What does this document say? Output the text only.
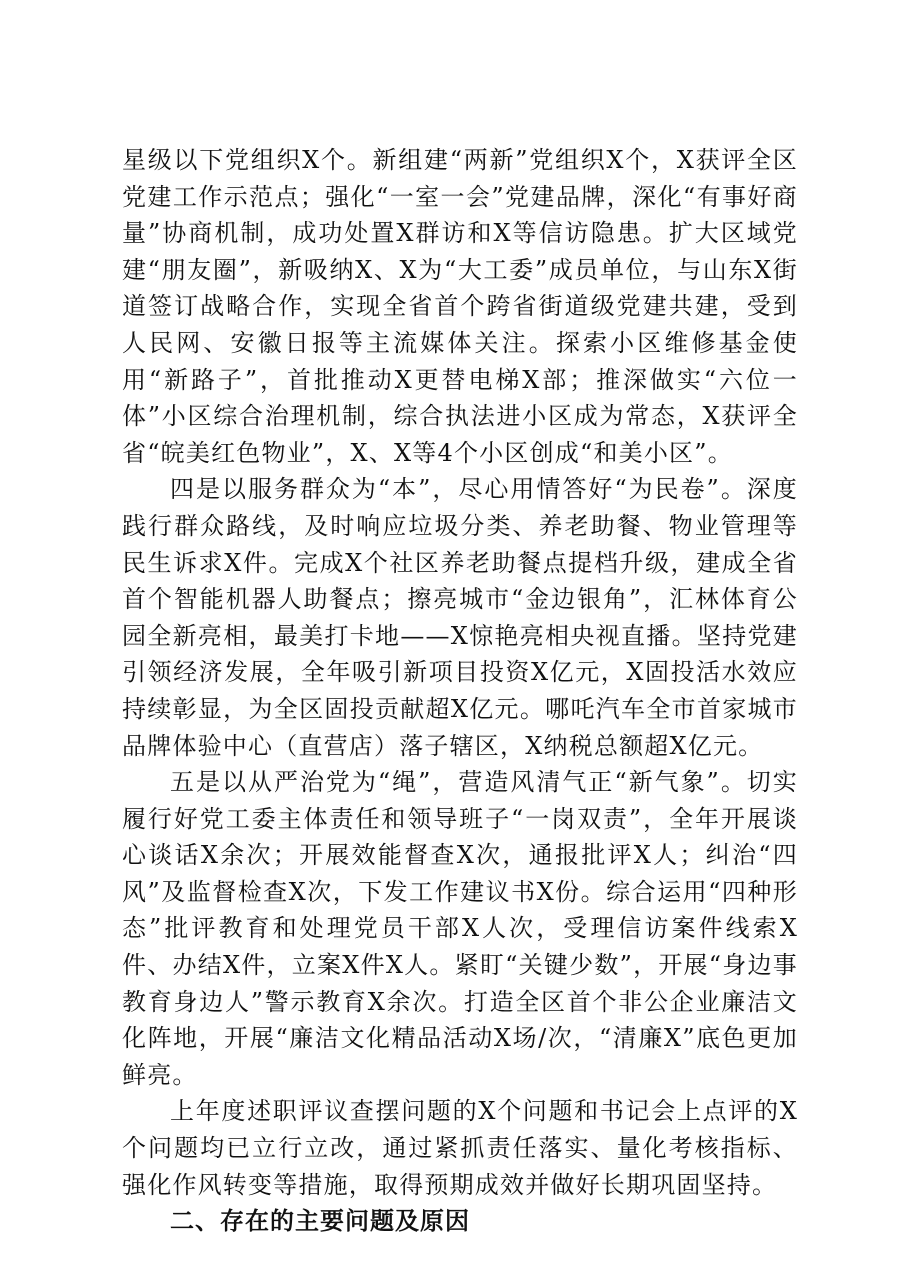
星级以下党组织X个。新组建“两新”党组织X个，X获评全区党建工作示范点；强化“一室一会”党建品牌，深化“有事好商量”协商机制，成功处置X群访和X等信访隐患。扩大区域党建“朋友圈”，新吸纳X、X为“大工委”成员单位，与山东X街道签订战略合作，实现全省首个跨省街道级党建共建，受到人民网、安徽日报等主流媒体关注。探索小区维修基金使用“新路子”，首批推动X更替电梯X部；推深做实“六位一体”小区综合治理机制，综合执法进小区成为常态，X获评全省“皖美红色物业”，X、X等4个小区创成“和美小区”。

四是以服务群众为“本”，尽心用情答好“为民卷”。深度践行群众路线，及时响应垃圾分类、养老助餐、物业管理等民生诉求X件。完成X个社区养老助餐点提档升级，建成全省首个智能机器人助餐点；擦亮城市“金边银角”，汇林体育公园全新亮相，最美打卡地——X惊艳亮相央视直播。坚持党建引领经济发展，全年吸引新项目投资X亿元，X固投活水效应持续彰显，为全区固投贡献超X亿元。哪吒汽车全市首家城市品牌体验中心（直营店）落子辖区，X纳税总额超X亿元。

五是以从严治党为“绳”，营造风清气正“新气象”。切实履行好党工委主体责任和领导班子“一岗双责”，全年开展谈心谈话X余次；开展效能督查X次，通报批评X人；纠治“四风”及监督检查X次，下发工作建议书X份。综合运用“四种形态”批评教育和处理党员干部X人次，受理信访案件线索X件、办结X件，立案X件X人。紧盯“关键少数”，开展“身边事教育身边人”警示教育X余次。打造全区首个非公企业廉洁文化阵地，开展“廉洁文化精品活动X场/次，“清廉X”底色更加鲜亮。

上年度述职评议查摆问题的X个问题和书记会上点评的X个问题均已立行立改，通过紧抓责任落实、量化考核指标、强化作风转变等措施，取得预期成效并做好长期巩固坚持。

二、存在的主要问题及原因
